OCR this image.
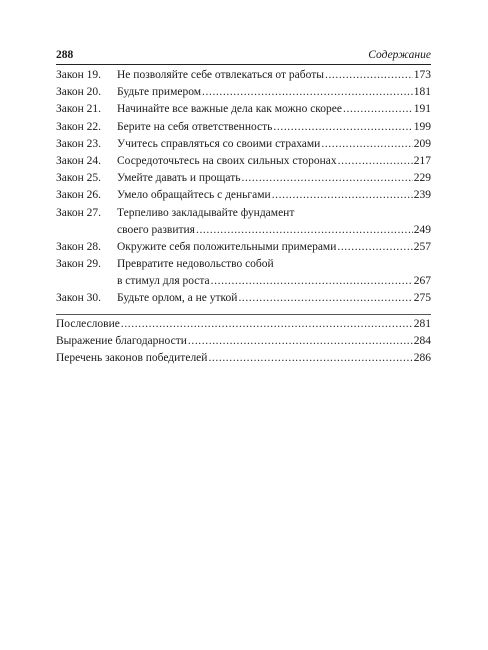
288	Содержание
Закон 19.	Не позволяйте себе отвлекаться от работы .....	173
Закон 20.	Будьте примером .....	181
Закон 21.	Начинайте все важные дела как можно скорее .....	191
Закон 22.	Берите на себя ответственность .....	199
Закон 23.	Учитесь справляться со своими страхами .....	209
Закон 24.	Сосредоточьтесь на своих сильных сторонах .....	217
Закон 25.	Умейте давать и прощать .....	229
Закон 26.	Умело обращайтесь с деньгами .....	239
Закон 27.	Терпеливо закладывайте фундамент
своего развития .....	249
Закон 28.	Окружите себя положительными примерами .....	257
Закон 29.	Превратите недовольство собой
в стимул для роста .....	267
Закон 30.	Будьте орлом, а не уткой .....	275
Послесловие .....	281
Выражение благодарности .....	284
Перечень законов победителей .....	286
